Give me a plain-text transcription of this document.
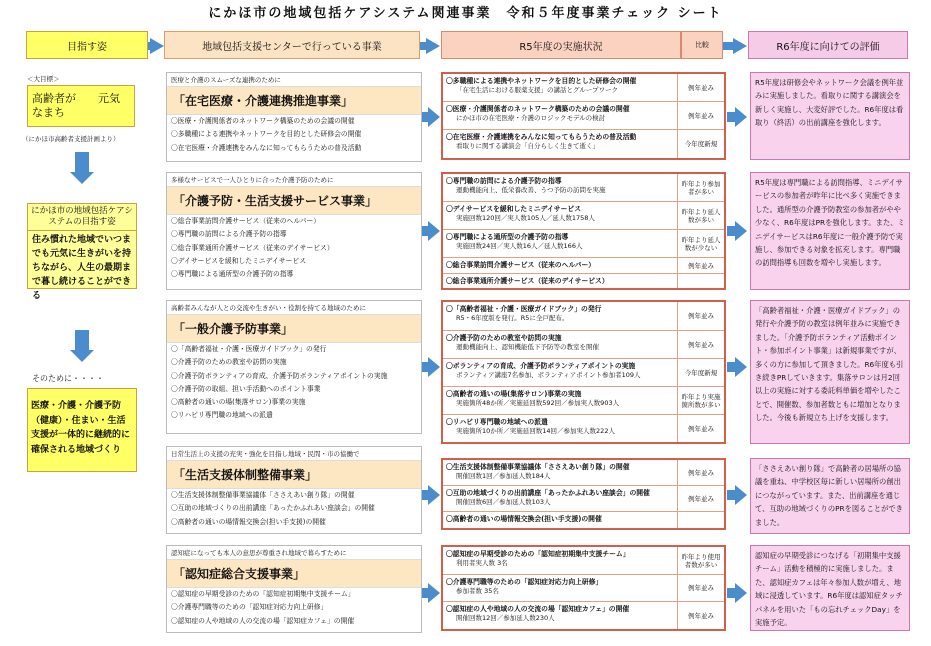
にかほ市の地域包括ケアシステム関連事業　令和５年度事業チェック シート
目指す姿	地域包括支援センターで行っている事業	R5年度の実施状況	比較	R6年度に向けての評価
＜大目標＞
高齢者が　　元気なまち
（にかほ市高齢者支援計画より）
にかほ市の地域包括ケアシステムの目指す姿
住み慣れた地域でいつまでも元気に生きがいを持ちながら、人生の最期まで暮し続けることができる
そのために・・・・
医療・介護・介護予防（健康）・住まい・生活支援が一体的に継続的に確保される地域づくり
医療と介護のスムーズな連携のために
「在宅医療・介護連携推進事業」
〇医療・介護関係者のネットワーク構築のための会議の開催
〇多職種による連携やネットワークを目的とした研修会の開催
〇在宅医療・介護連携をみんなに知ってもらうための普及活動
多様なサービスで一人ひとりに合った介護予防のために
「介護予防・生活支援サービス事業」
〇総合事業訪問介護サービス（従来のヘルパー）
〇専門職の訪問による介護予防の指導
〇総合事業通所介護サービス（従来のデイサービス）
〇デイサービスを緩和したミニデイサービス
〇専門職による通所型の介護予防の指導
高齢者みんなが人との交流や生きがい・役割を持てる地域のために
「一般介護予防事業」
〇「高齢者福祉・介護・医療ガイドブック」の発行
〇介護予防のための教室や訪問の実施
〇介護予防ボランティアの育成、介護予防ボランティアポイントの実施
〇介護予防の取組、担い手活動へのポイント事業
〇高齢者の通いの場(集落サロン)事業の実施
〇リハビリ専門職の地域への派遣
日常生活上の支援の充実・強化を目指し地域・民間・市の協働で
「生活支援体制整備事業」
〇生活支援体制整備事業協議体「ささえあい創り隊」の開催
〇互助の地域づくりの出前講座「あったかふれあい座談会」の開催
〇高齢者の通いの場情報交換会(担い手支援)の開催
認知症になっても本人の意思が尊重され地域で暮らすために
「認知症総合支援事業」
〇認知症の早期受診のための「認知症初期集中支援チーム」
〇介護専門職等のための「認知症対応力向上研修」
〇認知症の人や地域の人の交流の場「認知症カフェ」の開催
〇多職種による連携やネットワークを目的とした研修会の開催
「在宅生活における服薬支援」の講話とグループワーク	例年並み
〇医療・介護関係者のネットワーク構築のための会議の開催
にかほ市の在宅医療・介護のロジックモデルの検討	例年並み
〇在宅医療・介護連携をみんなに知ってもらうための普及活動
看取りに関する講演会「自分らしく生きて逝く」	今年度新規
〇専門職の訪問による介護予防の指導
運動機能向上、低栄養改善、うつ予防の訪問を実施
昨年より参加者が多い
〇デイサービスを緩和したミニデイサービス
実施回数120回／実人数105人／延人数1758人
昨年より延人数が多い
〇専門職による通所型の介護予防の指導
実施回数24回／実人数16人／延人数166人
昨年より延人数が少ない
〇総合事業訪問介護サービス（従来のヘルパー）	例年並み
〇総合事業通所介護サービス（従来のデイサービス）
〇「高齢者福祉・介護・医療ガイドブック」の発行
R5・6年度版を発行。R5に全戸配布。	例年並み
〇介護予防のための教室や訪問の実施
運動機能向上、認知機能低下予防等の教室を開催	例年並み
〇ボランティアの育成、介護予防ボランティアポイントの実施
ボランティア講座7名参加、ボランティアポイント参加者109人	今年度新規
〇高齢者の通いの場(集落サロン)事業の実施
実施箇所48か所／実施延回数592回／参加実人数903人
昨年より実施箇所数が多い
〇リハビリ専門職の地域への派遣
実施箇所10か所／実施延回数14回／参加実人数222人	例年並み
〇生活支援体制整備事業協議体「ささえあい創り隊」の開催
開催回数1回／参加延人数184人	例年並み
〇互助の地域づくりの出前講座「あったかふれあい座談会」の開催
開催回数6回／参加延人数103人	例年並み
〇高齢者の通いの場情報交換会(担い手支援)の開催
〇認知症の早期受診のための「認知症初期集中支援チーム」
利用者実人数 3名
昨年より使用者数が多い
〇介護専門職等のための「認知症対応力向上研修」
参加者数 35名	例年並み
〇認知症の人や地域の人の交流の場「認知症カフェ」の開催
開催回数12回／参加延人数230人	例年並み
R5年度は研修会やネットワーク会議を例年並みに実施しました。看取りに関する講演会を新しく実施し、大変好評でした。R6年度は看取り（終活）の出前講座を強化します。
R5年度は専門職による訪問指導、ミニデイサービスの参加者が昨年に比べ多く実施できました。通所型の介護予防教室の参加者がやや少なく、R6年度はPRを強化します。また、ミニデイサービスはR6年度に一般介護予防で実施し、参加できる対象を拡充します。専門職の訪問指導も回数を増やし実施します。
「高齢者福祉・介護・医療ガイドブック」の発行や介護予防の教室は例年並みに実施できました。「介護予防ボランティア活動ポイント・参加ポイント事業」は新規事業ですが、多くの方に参加して頂きました。R6年度も引き続きPRしていきます。集落サロンは月2回以上の実施に対する委託料単価を増やしたことで、開催数、参加者数ともに増加となりました。今後も新規立ち上げを支援します。
「ささえあい創り隊」で高齢者の居場所の協議を重ね、中学校区毎に新しい居場所の創出につながっています。また、出前講座を通じて、互助の地域づくりのPRを図ることができました。
認知症の早期受診につなげる「初期集中支援チーム」活動を積極的に実施しました。また、認知症カフェは年々参加人数が増え、地域に浸透しています。R6年度は認知症タッチパネルを用いた「もの忘れチェックDay」を実施予定。
